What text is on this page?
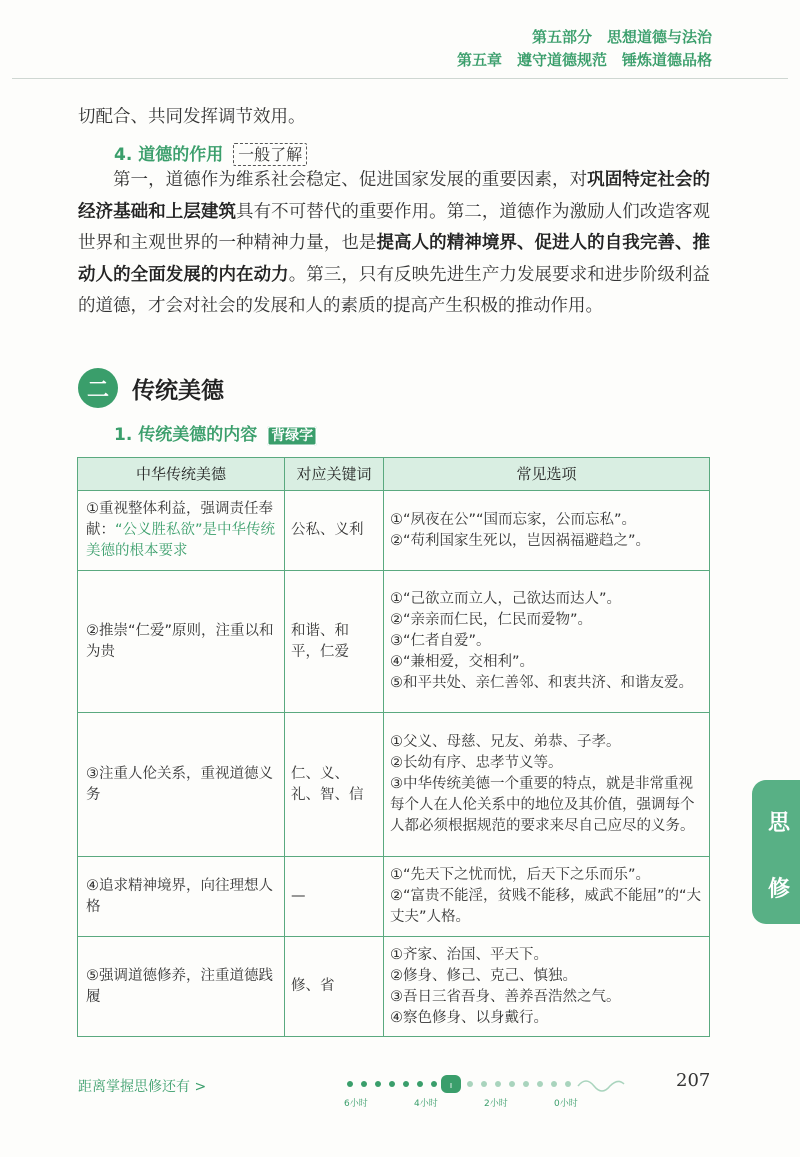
第五部分　思想道德与法治
第五章　遵守道德规范　锤炼道德品格
切配合、共同发挥调节效用。
4. 道德的作用 一般了解
第一，道德作为维系社会稳定、促进国家发展的重要因素，对巩固特定社会的经济基础和上层建筑具有不可替代的重要作用。第二，道德作为激励人们改造客观世界和主观世界的一种精神力量，也是提高人的精神境界、促进人的自我完善、推动人的全面发展的内在动力。第三，只有反映先进生产力发展要求和进步阶级利益的道德，才会对社会的发展和人的素质的提高产生积极的推动作用。
二	传统美德
1. 传统美德的内容 背绿字
中华传统美德	对应关键词	常见选项
①重视整体利益，强调责任奉献：“公义胜私欲”是中华传统美德的根本要求	公私、义利	①“夙夜在公”“国而忘家，公而忘私”。
②“苟利国家生死以，岂因祸福避趋之”。

②推崇“仁爱”原则，注重以和为贵	和谐、和平，仁爱	①“己欲立而立人，己欲达而达人”。
②“亲亲而仁民，仁民而爱物”。
③“仁者自爱”。
④“兼相爱，交相利”。
⑤和平共处、亲仁善邻、和衷共济、和谐友爱。

③注重人伦关系，重视道德义务	仁、义、礼、智、信	①父义、母慈、兄友、弟恭、子孝。
②长幼有序、忠孝节义等。
③中华传统美德一个重要的特点，就是非常重视每个人在人伦关系中的地位及其价值，强调每个人都必须根据规范的要求来尽自己应尽的义务。

④追求精神境界，向往理想人格	—	①“先天下之忧而忧，后天下之乐而乐”。
②“富贵不能淫，贫贱不能移，威武不能屈”的“大丈夫”人格。

⑤强调道德修养，注重道德践履	修、省	①齐家、治国、平天下。
②修身、修己、克己、慎独。
③吾日三省吾身、善养吾浩然之气。
④察色修身、以身戴行。
思
修
距离掌握思修还有 >	ı
6小时	4小时	2小时	0小时
207
